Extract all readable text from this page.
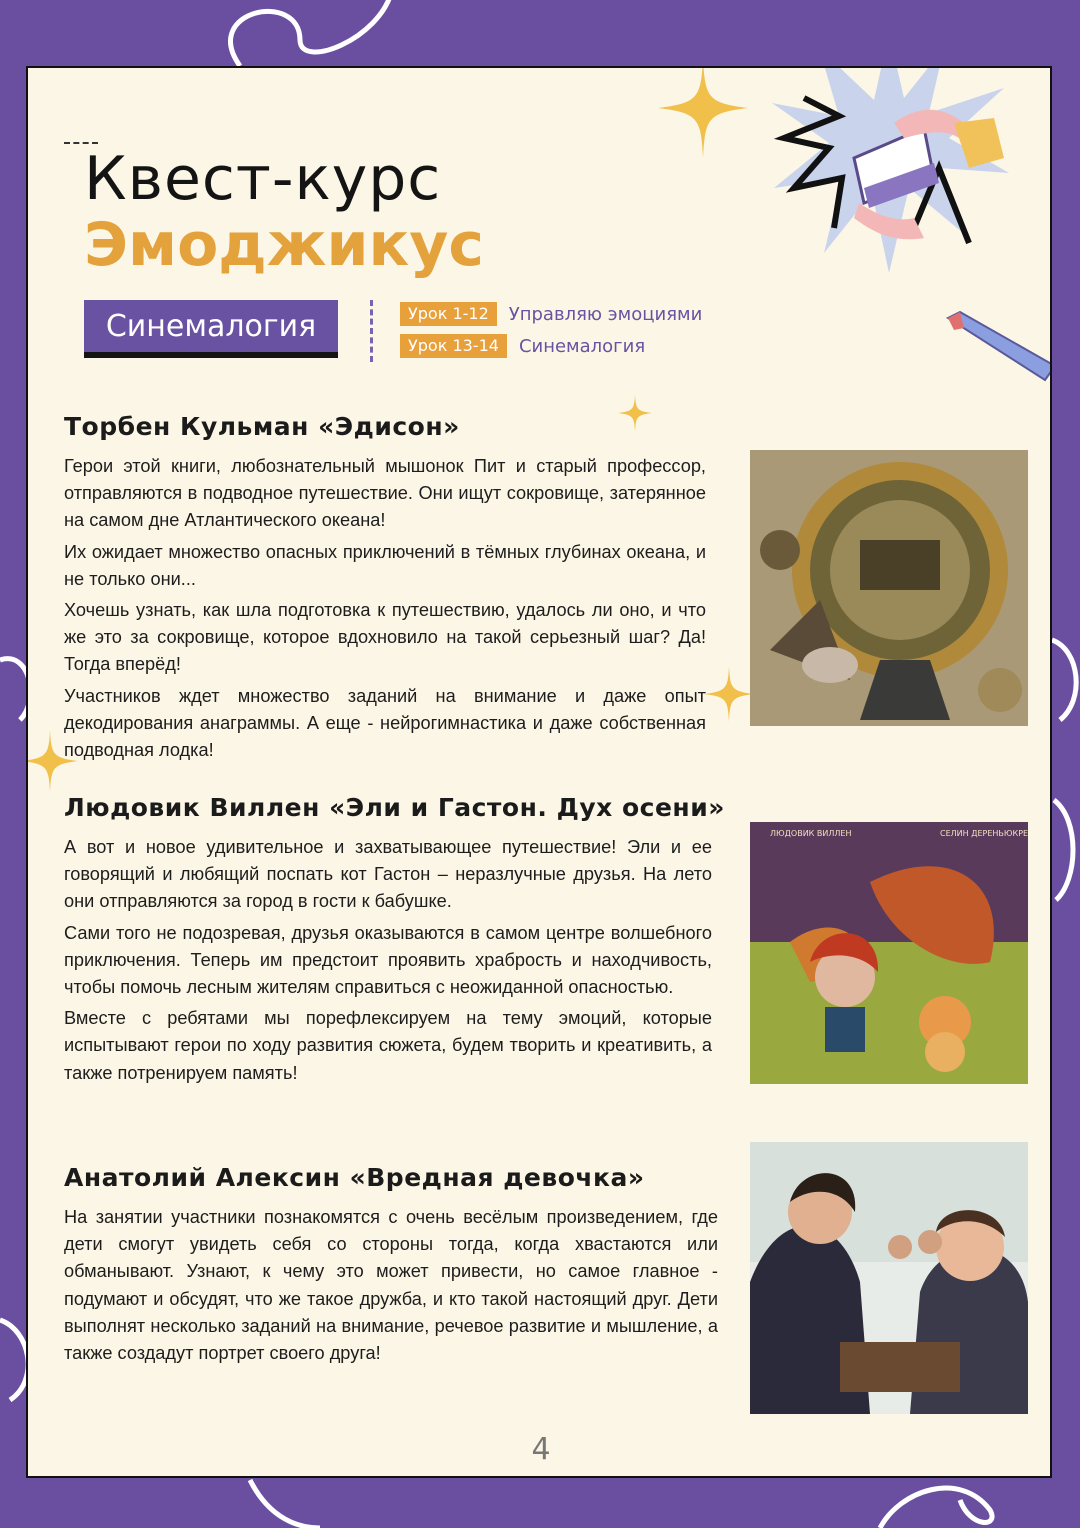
Квест-курс
Эмоджикус
Синемалогия	Урок 1-12	Управляю эмоциями
Урок 13-14	Синемалогия
Торбен Кульман «Эдисон»

Герои этой книги, любознательный мышонок Пит и старый профессор, отправляются в подводное путешествие. Они ищут сокровище, затерянное на самом дне Атлантического океана!

Их ожидает множество опасных приключений в тёмных глубинах океана, и не только они...

Хочешь узнать, как шла подготовка к путешествию, удалось ли оно, и что же это за сокровище, которое вдохновило на такой серьезный шаг? Да! Тогда вперёд!

Участников ждет множество заданий на внимание и даже опыт декодирования анаграммы. А еще - нейрогимнастика и даже собственная подводная лодка!

Людовик Виллен «Эли и Гастон. Дух осени»

А вот и новое удивительное и захватывающее путешествие! Эли и ее говорящий и любящий поспать кот Гастон – неразлучные друзья. На лето они отправляются за город в гости к бабушке.

Сами того не подозревая, друзья оказываются в самом центре волшебного приключения. Теперь им предстоит проявить храбрость и находчивость, чтобы помочь лесным жителям справиться с неожиданной опасностью.

Вместе с ребятами мы порефлексируем на тему эмоций, которые испытывают герои по ходу развития сюжета, будем творить и креативить, а также потренируем память!

ЛЮДОВИК ВИЛЛЕН	СЕЛИН ДЕРЕНЬЮКРЕ
Анатолий Алексин «Вредная девочка»

На занятии участники познакомятся с очень весёлым произведением, где дети смогут увидеть себя со стороны тогда, когда хвастаются или обманывают. Узнают, к чему это может привести, но самое главное - подумают и обсудят, что же такое дружба, и кто такой настоящий друг. Дети выполнят несколько заданий на внимание, речевое развитие и мышление, а также создадут портрет своего друга!

4
